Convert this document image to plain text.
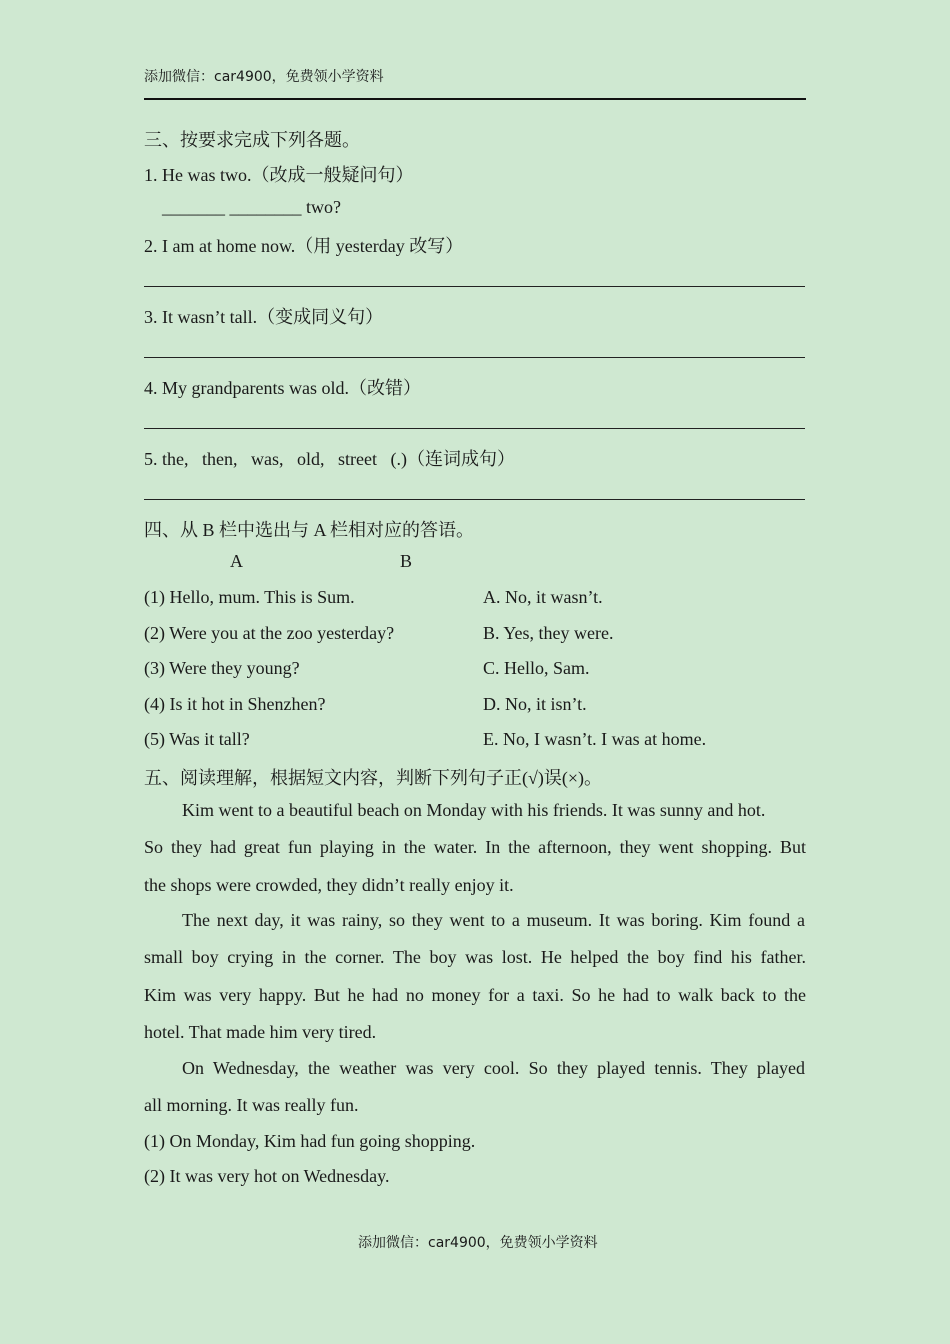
添加微信：car4900，免费领小学资料
三、按要求完成下列各题。
1. He was two.（改成一般疑问句）
_______ ________ two?
2. I am at home now.（用 yesterday 改写）
3. It wasn’t tall.（变成同义句）
4. My grandparents was old.（改错）
5. the,   then,   was,   old,   street   (.)（连词成句）
四、从 B 栏中选出与 A 栏相对应的答语。
A	B
(1) Hello, mum. This is Sum.	A. No, it wasn’t.
(2) Were you at the zoo yesterday?	B. Yes, they were.
(3) Were they young?	C. Hello, Sam.
(4) Is it hot in Shenzhen?	D. No, it isn’t.
(5) Was it tall?	E. No, I wasn’t. I was at home.
五、阅读理解，根据短文内容，判断下列句子正(√)误(×)。
Kim went to a beautiful beach on Monday with his friends. It was sunny and hot.
So they had great fun playing in the water. In the afternoon, they went shopping. But
the shops were crowded, they didn’t really enjoy it.
The next day, it was rainy, so they went to a museum. It was boring. Kim found a
small boy crying in the corner. The boy was lost. He helped the boy find his father.
Kim was very happy. But he had no money for a taxi. So he had to walk back to the
hotel. That made him very tired.
On Wednesday, the weather was very cool. So they played tennis. They played
all morning. It was really fun.
(1) On Monday, Kim had fun going shopping.
(2) It was very hot on Wednesday.
添加微信：car4900，免费领小学资料
